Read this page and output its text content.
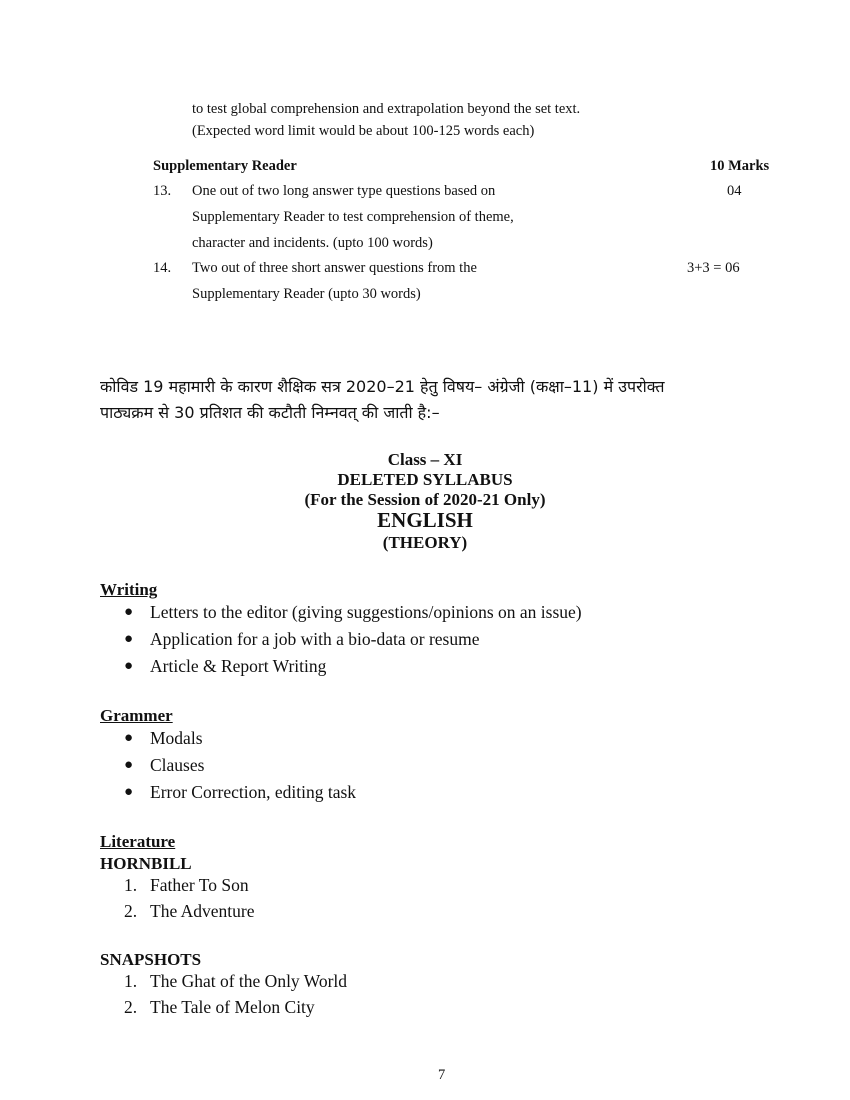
to test global comprehension and extrapolation beyond the set text.
(Expected word limit would be about 100-125 words each)
Supplementary Reader	10 Marks
13. One out of two long answer type questions based on
Supplementary Reader to test comprehension of theme,
character and incidents. (upto 100 words)
04
14. Two out of three short answer questions from the
Supplementary Reader (upto 30 words)
3+3 = 06
कोविड 19 महामारी के कारण शैक्षिक सत्र 2020–21 हेतु विषय– अंग्रेजी (कक्षा–11) में उपरोक्त
पाठ्यक्रम से 30 प्रतिशत की कटौती निम्नवत् की जाती है:–
Class – XI
DELETED SYLLABUS
(For the Session of 2020-21 Only)
ENGLISH
(THEORY)
Writing
● Letters to the editor (giving suggestions/opinions on an issue)
● Application for a job with a bio-data or resume
● Article & Report Writing
Grammer
● Modals
● Clauses
● Error Correction, editing task
Literature
HORNBILL
1. Father To Son
2. The Adventure
SNAPSHOTS
1. The Ghat of the Only World
2. The Tale of Melon City
7
